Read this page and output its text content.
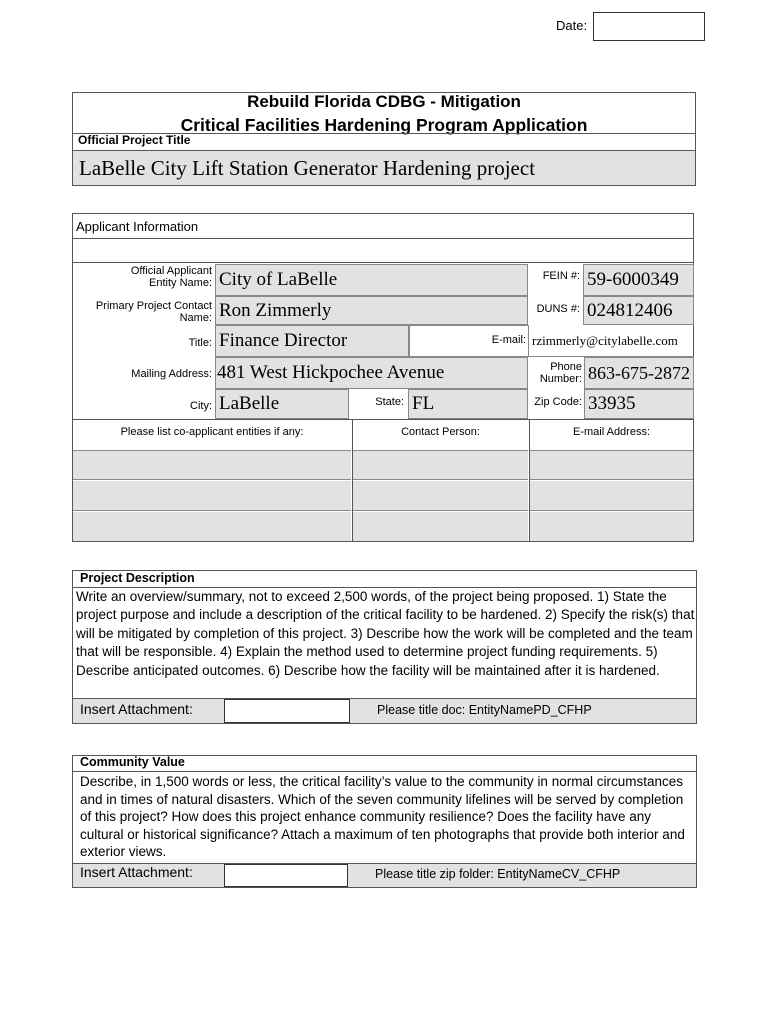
Date:
Rebuild Florida CDBG - Mitigation
Critical Facilities Hardening Program Application
Official Project Title
LaBelle City Lift Station Generator Hardening project
Applicant Information
Official Applicant Entity Name: City of LaBelle	FEIN #: 59-6000349
Primary Project Contact Name: Ron Zimmerly	DUNS #: 024812406
Title: Finance Director	E-mail: rzimmerly@citylabelle.com
Mailing Address: 481 West Hickpochee Avenue	Phone Number: 863-675-2872
City: LaBelle	State: FL	Zip Code: 33935
Please list co-applicant entities if any:	Contact Person:	E-mail Address:
Project Description
Write an overview/summary, not to exceed 2,500 words, of the project being proposed. 1) State the project purpose and include a description of the critical facility to be hardened. 2) Specify the risk(s) that will be mitigated by completion of this project. 3) Describe how the work will be completed and the team that will be responsible. 4) Explain the method used to determine project funding requirements. 5) Describe anticipated outcomes. 6) Describe how the facility will be maintained after it is hardened.
Insert Attachment:	Please title doc: EntityNamePD_CFHP
Community Value
Describe, in 1,500 words or less, the critical facility’s value to the community in normal circumstances and in times of natural disasters. Which of the seven community lifelines will be served by completion of this project? How does this project enhance community resilience? Does the facility have any cultural or historical significance? Attach a maximum of ten photographs that provide both interior and exterior views.
Insert Attachment:	Please title zip folder: EntityNameCV_CFHP
